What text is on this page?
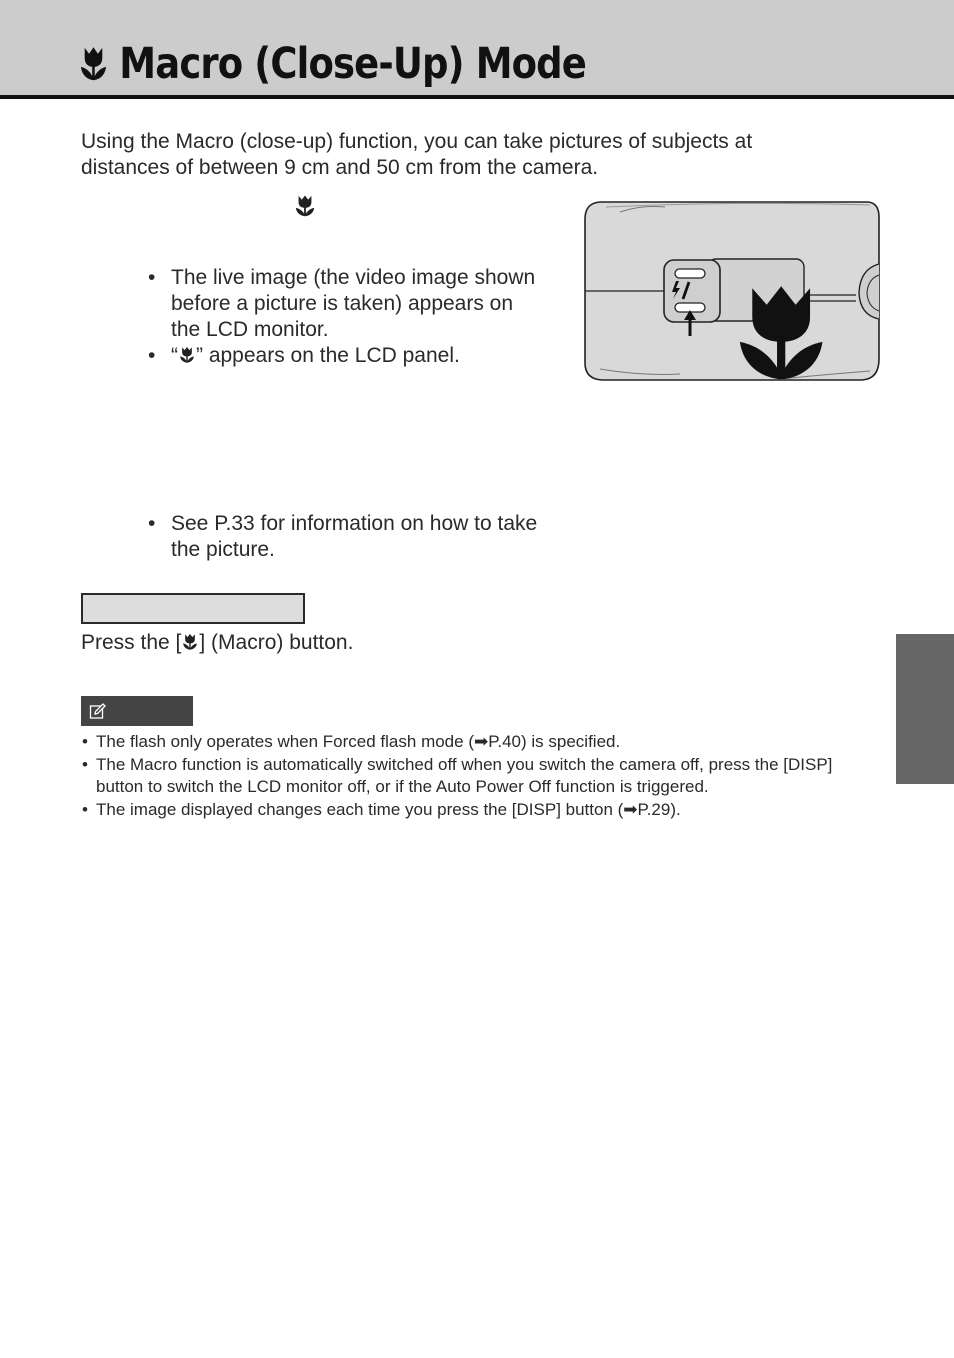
Macro (Close-Up) Mode

Using the Macro (close-up) function, you can take pictures of subjects at distances of between 9 cm and 50 cm from the camera.

• The live image (the video image shown before a picture is taken) appears on the LCD monitor.
• “ ” appears on the LCD panel.
• See P.33 for information on how to take the picture.

Press the [ ] (Macro) button.

• The flash only operates when Forced flash mode (➡P.40) is specified.
• The Macro function is automatically switched off when you switch the camera off, press the [DISP] button to switch the LCD monitor off, or if the Auto Power Off function is triggered.
• The image displayed changes each time you press the [DISP] button (➡P.29).
